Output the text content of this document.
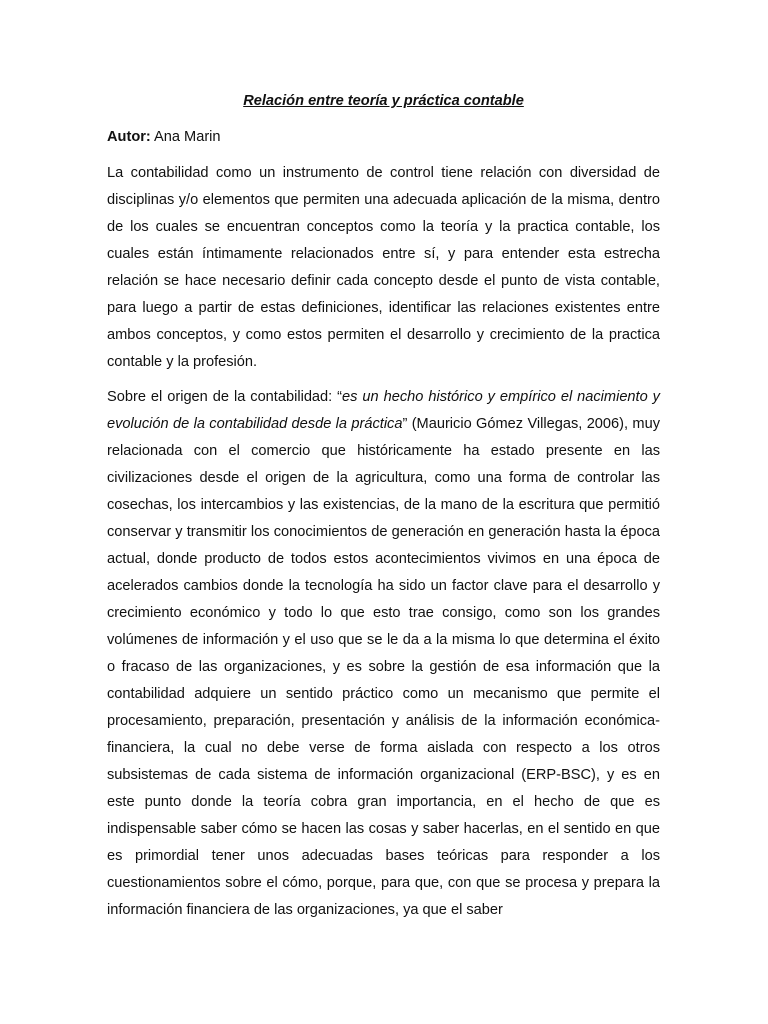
Relación entre teoría y práctica contable
Autor: Ana Marin
La contabilidad como un instrumento de control tiene relación con diversidad de disciplinas y/o elementos que permiten una adecuada aplicación de la misma, dentro de los cuales se encuentran conceptos como la teoría y la practica contable, los cuales están íntimamente relacionados entre sí, y para entender esta estrecha relación se hace necesario definir cada concepto desde el punto de vista contable, para luego a partir de estas definiciones, identificar las relaciones existentes entre ambos conceptos, y como estos permiten el desarrollo y crecimiento de la practica contable y la profesión.
Sobre el origen de la contabilidad: “es un hecho histórico y empírico el nacimiento y evolución de la contabilidad desde la práctica” (Mauricio Gómez Villegas, 2006), muy relacionada con el comercio que históricamente ha estado presente en las civilizaciones desde el origen de la agricultura, como una forma de controlar las cosechas, los intercambios y las existencias, de la mano de la escritura que permitió conservar y transmitir los conocimientos de generación en generación hasta la época actual, donde producto de todos estos acontecimientos vivimos en una época de acelerados cambios donde la tecnología ha sido un factor clave para el desarrollo y crecimiento económico y todo lo que esto trae consigo, como son los grandes volúmenes de información y el uso que se le da a la misma lo que determina el éxito o fracaso de las organizaciones, y es sobre la gestión de esa información que la contabilidad adquiere un sentido práctico como un mecanismo que permite el procesamiento, preparación, presentación y análisis de la información económica-financiera, la cual no debe verse de forma aislada con respecto a los otros subsistemas de cada sistema de información organizacional (ERP-BSC), y es en este punto donde la teoría cobra gran importancia, en el hecho de que es indispensable saber cómo se hacen las cosas y saber hacerlas, en el sentido en que es primordial tener unos adecuadas bases teóricas para responder a los cuestionamientos sobre el cómo, porque, para que, con que se procesa y prepara la información financiera de las organizaciones, ya que el saber
